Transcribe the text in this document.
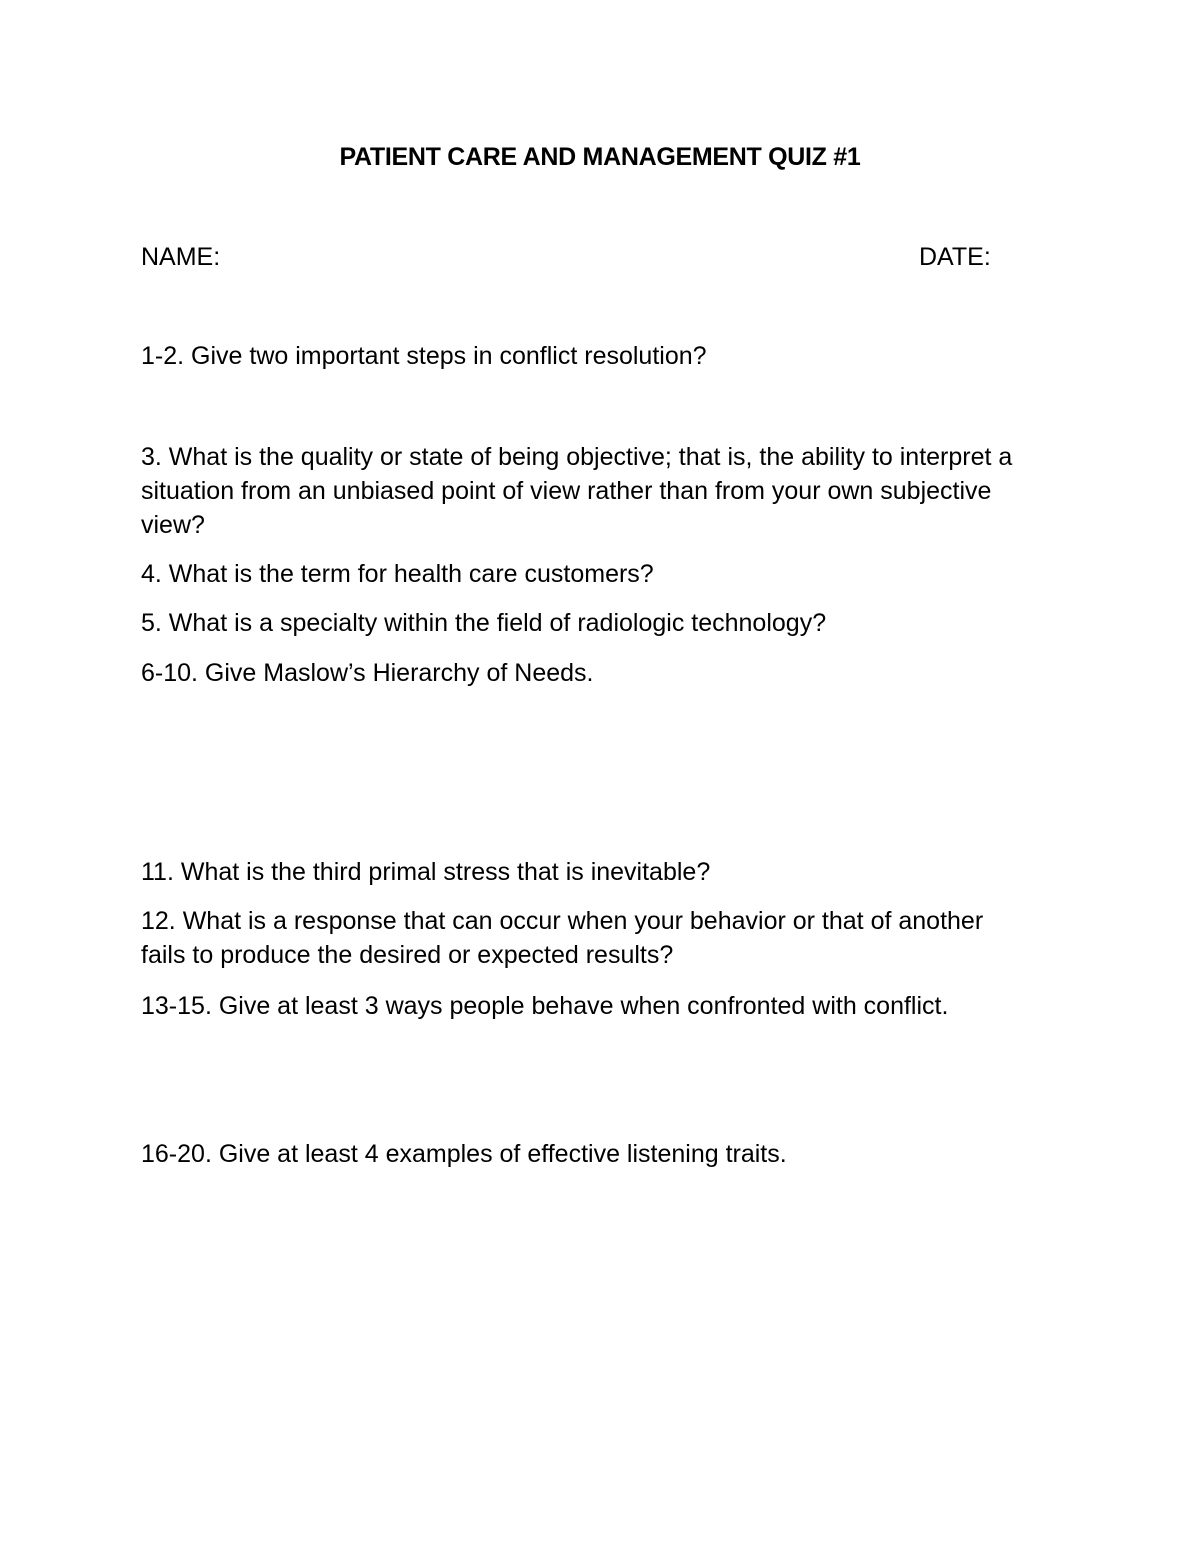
PATIENT CARE AND MANAGEMENT QUIZ #1
NAME:	DATE:
1-2. Give two important steps in conflict resolution?
3. What is the quality or state of being objective; that is, the ability to interpret a situation from an unbiased point of view rather than from your own subjective view?
4. What is the term for health care customers?
5. What is a specialty within the field of radiologic technology?
6-10. Give Maslow’s Hierarchy of Needs.
11. What is the third primal stress that is inevitable?
12. What is a response that can occur when your behavior or that of another fails to produce the desired or expected results?
13-15. Give at least 3 ways people behave when confronted with conflict.
16-20. Give at least 4 examples of effective listening traits.
